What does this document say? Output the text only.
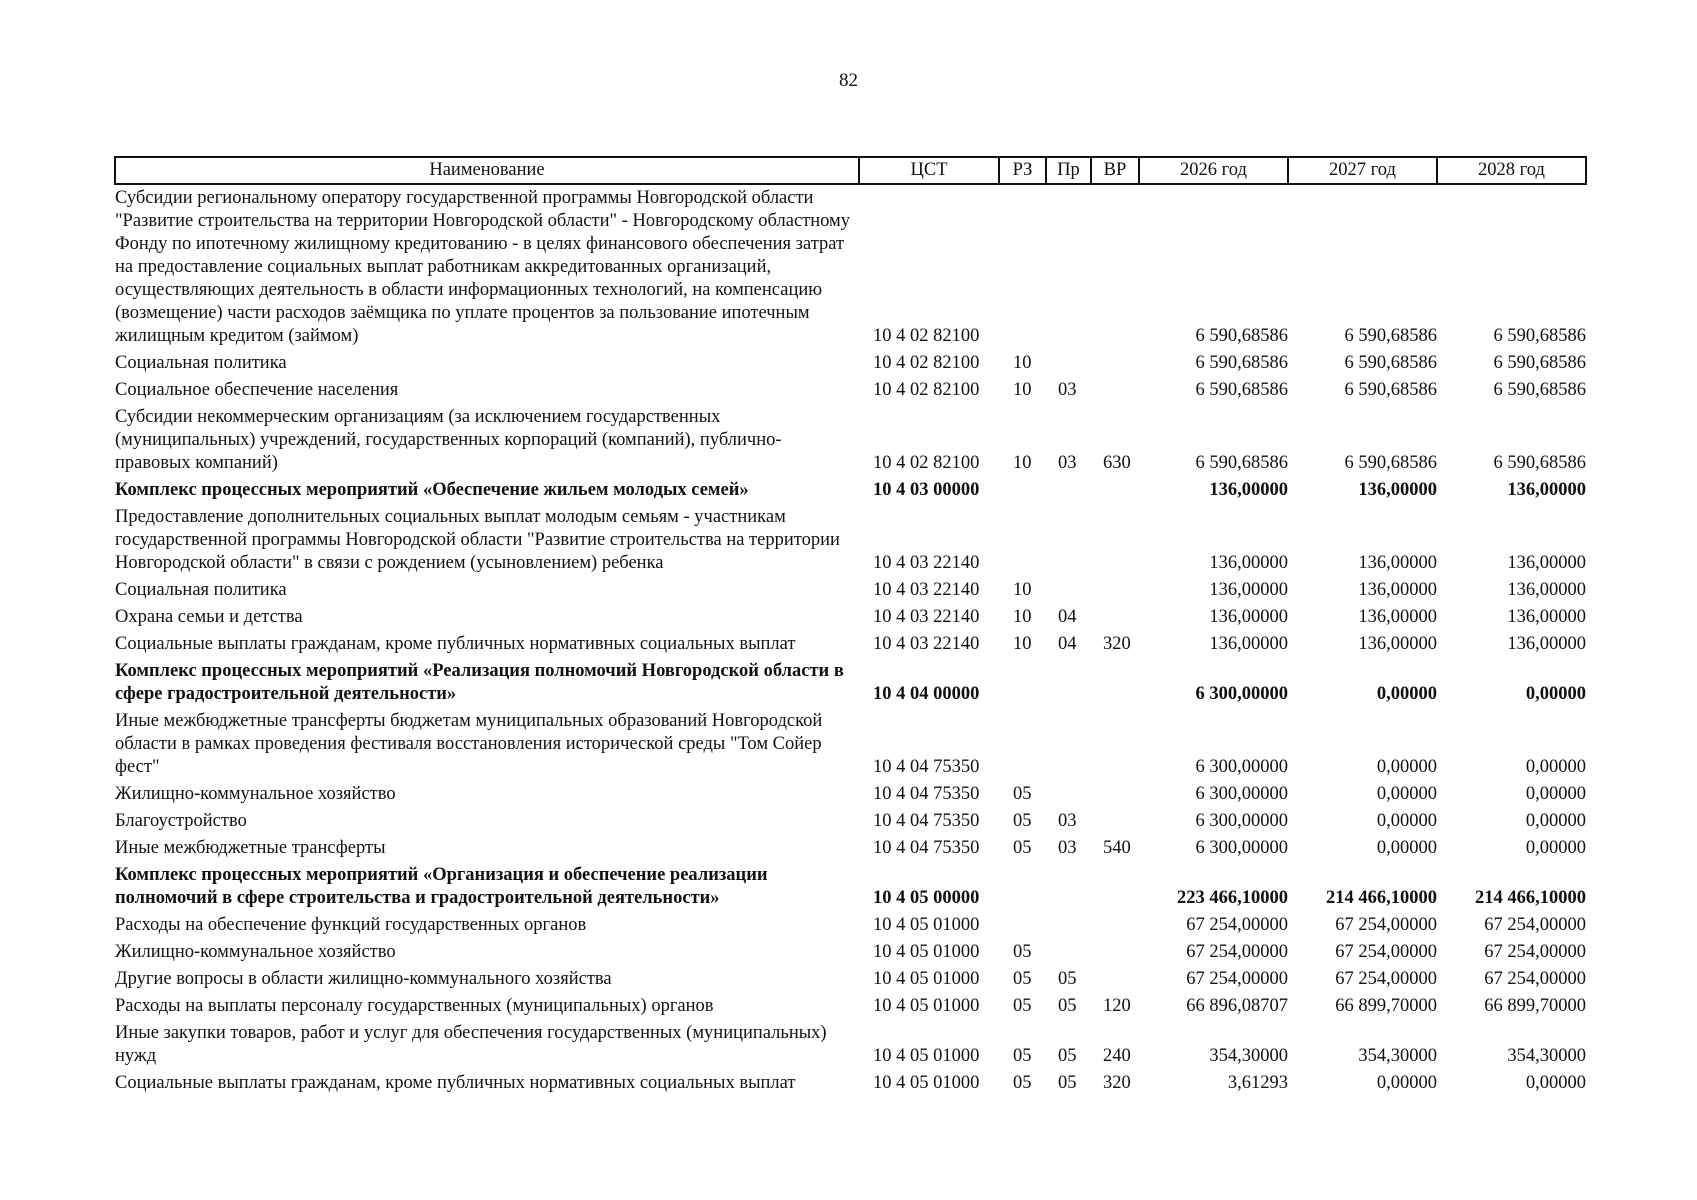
82
Наименование	ЦСТ	РЗ	Пр	ВР	2026 год	2027 год	2028 год
Субсидии региональному оператору государственной программы Новгородской области "Развитие строительства на территории Новгородской области" - Новгородскому областному Фонду по ипотечному жилищному кредитованию - в целях финансового обеспечения затрат на предоставление социальных выплат работникам аккредитованных организаций, осуществляющих деятельность в области информационных технологий, на компенсацию (возмещение) части расходов заёмщика по уплате процентов за пользование ипотечным жилищным кредитом (займом)	10 4 02 82100				6 590,68586	6 590,68586	6 590,68586
Социальная политика	10 4 02 82100	10			6 590,68586	6 590,68586	6 590,68586
Социальное обеспечение населения	10 4 02 82100	10	03		6 590,68586	6 590,68586	6 590,68586
Субсидии некоммерческим организациям (за исключением государственных (муниципальных) учреждений, государственных корпораций (компаний), публично-правовых компаний)	10 4 02 82100	10	03	630	6 590,68586	6 590,68586	6 590,68586
Комплекс процессных мероприятий «Обеспечение жильем молодых семей»	10 4 03 00000				136,00000	136,00000	136,00000
Предоставление дополнительных социальных выплат молодым семьям - участникам государственной программы Новгородской области "Развитие строительства на территории Новгородской области" в связи с рождением (усыновлением) ребенка	10 4 03 22140				136,00000	136,00000	136,00000
Социальная политика	10 4 03 22140	10			136,00000	136,00000	136,00000
Охрана семьи и детства	10 4 03 22140	10	04		136,00000	136,00000	136,00000
Социальные выплаты гражданам, кроме публичных нормативных социальных выплат	10 4 03 22140	10	04	320	136,00000	136,00000	136,00000
Комплекс процессных мероприятий «Реализация полномочий Новгородской области в сфере градостроительной деятельности»	10 4 04 00000				6 300,00000	0,00000	0,00000
Иные межбюджетные трансферты бюджетам муниципальных образований Новгородской области в рамках проведения фестиваля восстановления исторической среды "Том Сойер фест"	10 4 04 75350				6 300,00000	0,00000	0,00000
Жилищно-коммунальное хозяйство	10 4 04 75350	05			6 300,00000	0,00000	0,00000
Благоустройство	10 4 04 75350	05	03		6 300,00000	0,00000	0,00000
Иные межбюджетные трансферты	10 4 04 75350	05	03	540	6 300,00000	0,00000	0,00000
Комплекс процессных мероприятий «Организация и обеспечение реализации полномочий в сфере строительства и градостроительной деятельности»	10 4 05 00000				223 466,10000	214 466,10000	214 466,10000
Расходы на обеспечение функций государственных органов	10 4 05 01000				67 254,00000	67 254,00000	67 254,00000
Жилищно-коммунальное хозяйство	10 4 05 01000	05			67 254,00000	67 254,00000	67 254,00000
Другие вопросы в области жилищно-коммунального хозяйства	10 4 05 01000	05	05		67 254,00000	67 254,00000	67 254,00000
Расходы на выплаты персоналу государственных (муниципальных) органов	10 4 05 01000	05	05	120	66 896,08707	66 899,70000	66 899,70000
Иные закупки товаров, работ и услуг для обеспечения государственных (муниципальных) нужд	10 4 05 01000	05	05	240	354,30000	354,30000	354,30000
Социальные выплаты гражданам, кроме публичных нормативных социальных выплат	10 4 05 01000	05	05	320	3,61293	0,00000	0,00000
